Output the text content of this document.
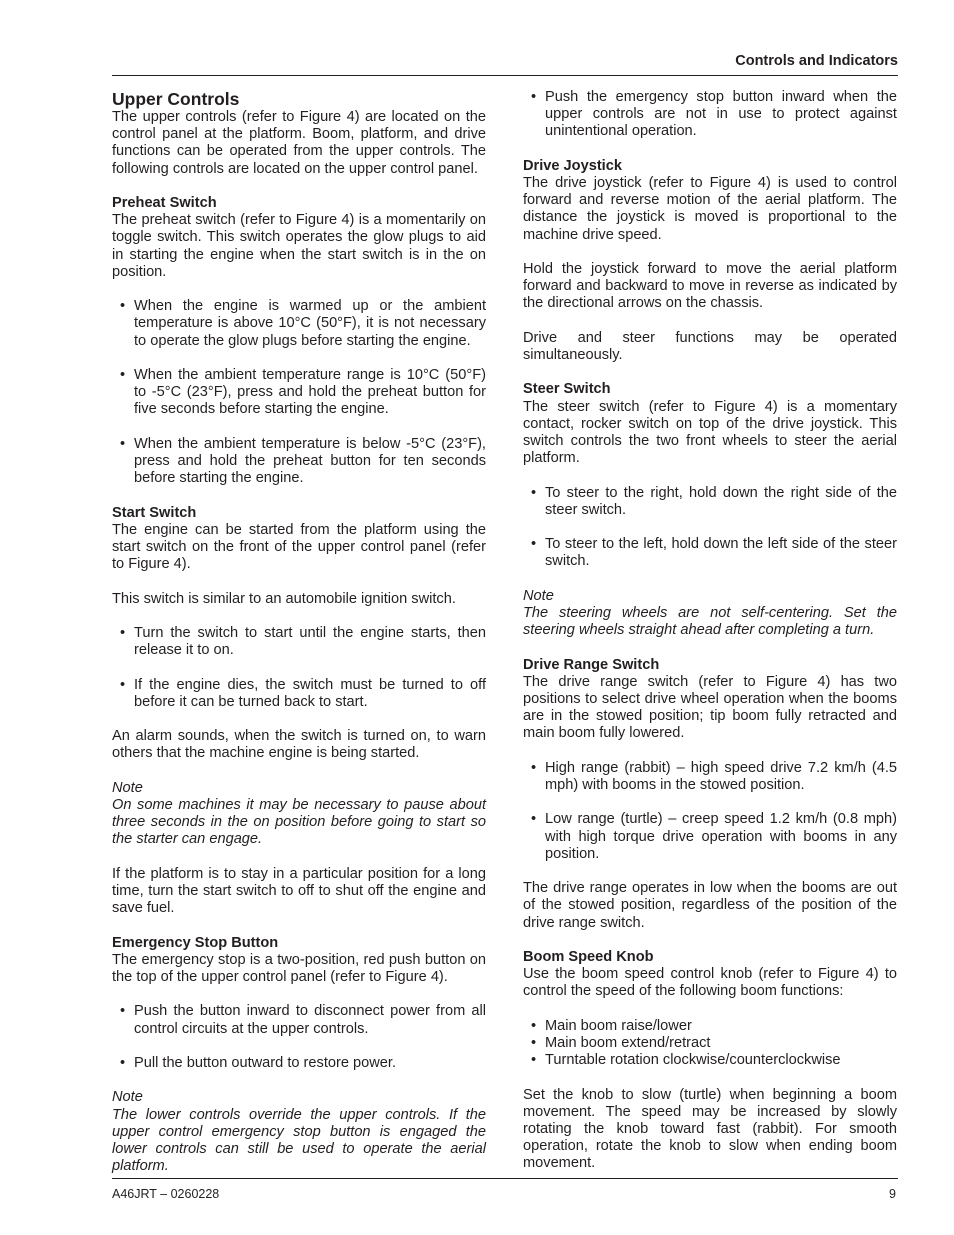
Controls and Indicators
Upper Controls

The upper controls (refer to Figure 4) are located on the control panel at the platform. Boom, platform, and drive functions can be operated from the upper controls. The following controls are located on the upper control panel.

Preheat Switch

The preheat switch (refer to Figure 4) is a momentarily on toggle switch. This switch operates the glow plugs to aid in starting the engine when the start switch is in the on position.

• When the engine is warmed up or the ambient temperature is above 10°C (50°F), it is not necessary to operate the glow plugs before starting the engine.
• When the ambient temperature range is 10°C (50°F) to -5°C (23°F), press and hold the preheat button for five seconds before starting the engine.
• When the ambient temperature is below -5°C (23°F), press and hold the preheat button for ten seconds before starting the engine.
Start Switch

The engine can be started from the platform using the start switch on the front of the upper control panel (refer to Figure 4).

This switch is similar to an automobile ignition switch.

• Turn the switch to start until the engine starts, then release it to on.
• If the engine dies, the switch must be turned to off before it can be turned back to start.

An alarm sounds, when the switch is turned on, to warn others that the machine engine is being started.

Note

On some machines it may be necessary to pause about three seconds in the on position before going to start so the starter can engage.

If the platform is to stay in a particular position for a long time, turn the start switch to off to shut off the engine and save fuel.

Emergency Stop Button

The emergency stop is a two-position, red push button on the top of the upper control panel (refer to Figure 4).

• Push the button inward to disconnect power from all control circuits at the upper controls.
• Pull the button outward to restore power.
Note

The lower controls override the upper controls. If the upper control emergency stop button is engaged the lower controls can still be used to operate the aerial platform.

• Push the emergency stop button inward when the upper controls are not in use to protect against unintentional operation.
Drive Joystick

The drive joystick (refer to Figure 4) is used to control forward and reverse motion of the aerial platform. The distance the joystick is moved is proportional to the machine drive speed.

Hold the joystick forward to move the aerial platform forward and backward to move in reverse as indicated by the directional arrows on the chassis.

Drive and steer functions may be operated simultaneously.

Steer Switch

The steer switch (refer to Figure 4) is a momentary contact, rocker switch on top of the drive joystick. This switch controls the two front wheels to steer the aerial platform.

• To steer to the right, hold down the right side of the steer switch.
• To steer to the left, hold down the left side of the steer switch.
Note

The steering wheels are not self-centering. Set the steering wheels straight ahead after completing a turn.

Drive Range Switch

The drive range switch (refer to Figure 4) has two positions to select drive wheel operation when the booms are in the stowed position; tip boom fully retracted and main boom fully lowered.

• High range (rabbit) – high speed drive 7.2 km/h (4.5 mph) with booms in the stowed position.
• Low range (turtle) – creep speed 1.2 km/h (0.8 mph) with high torque drive operation with booms in any position.

The drive range operates in low when the booms are out of the stowed position, regardless of the position of the drive range switch.

Boom Speed Knob

Use the boom speed control knob (refer to Figure 4) to control the speed of the following boom functions:

• Main boom raise/lower
• Main boom extend/retract
• Turntable rotation clockwise/counterclockwise

Set the knob to slow (turtle) when beginning a boom movement. The speed may be increased by slowly rotating the knob toward fast (rabbit). For smooth operation, rotate the knob to slow when ending boom movement.

A46JRT – 0260228	9
